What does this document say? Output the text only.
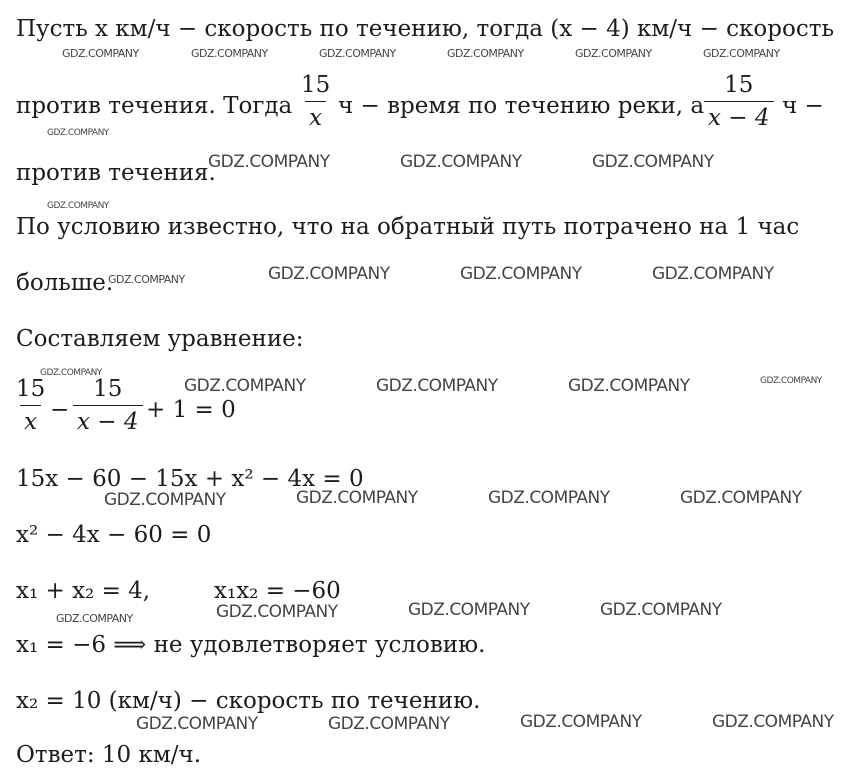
Пусть x км/ч − скорость по течению, тогда (x − 4) км/ч − скорость
против течения. Тогда $\frac{15}{x}$ ч − время по течению реки, а $\frac{15}{x - 4}$ ч −
против течения.
По условию известно, что на обратный путь потрачено на 1 час
больше.
Составляем уравнение:
$\frac{15}{x} - \frac{15}{x - 4} + 1 = 0$
15x − 60 − 15x + x² − 4x = 0
x² − 4x − 60 = 0
x₁ + x₂ = 4,	x₁x₂ = −60
x₁ = −6 ⟹ не удовлетворяет условию.
x₂ = 10 (км/ч) − скорость по течению.
Ответ: 10 км/ч.
GDZ.COMPANY	GDZ.COMPANY	GDZ.COMPANY	GDZ.COMPANY	GDZ.COMPANY	GDZ.COMPANY
GDZ.COMPANY
GDZ.COMPANY	GDZ.COMPANY	GDZ.COMPANY
GDZ.COMPANY
GDZ.COMPANY	GDZ.COMPANY	GDZ.COMPANY	GDZ.COMPANY
GDZ.COMPANY
GDZ.COMPANY	GDZ.COMPANY	GDZ.COMPANY	GDZ.COMPANY
GDZ.COMPANY	GDZ.COMPANY	GDZ.COMPANY	GDZ.COMPANY
GDZ.COMPANY	GDZ.COMPANY	GDZ.COMPANY	GDZ.COMPANY
GDZ.COMPANY	GDZ.COMPANY	GDZ.COMPANY	GDZ.COMPANY
